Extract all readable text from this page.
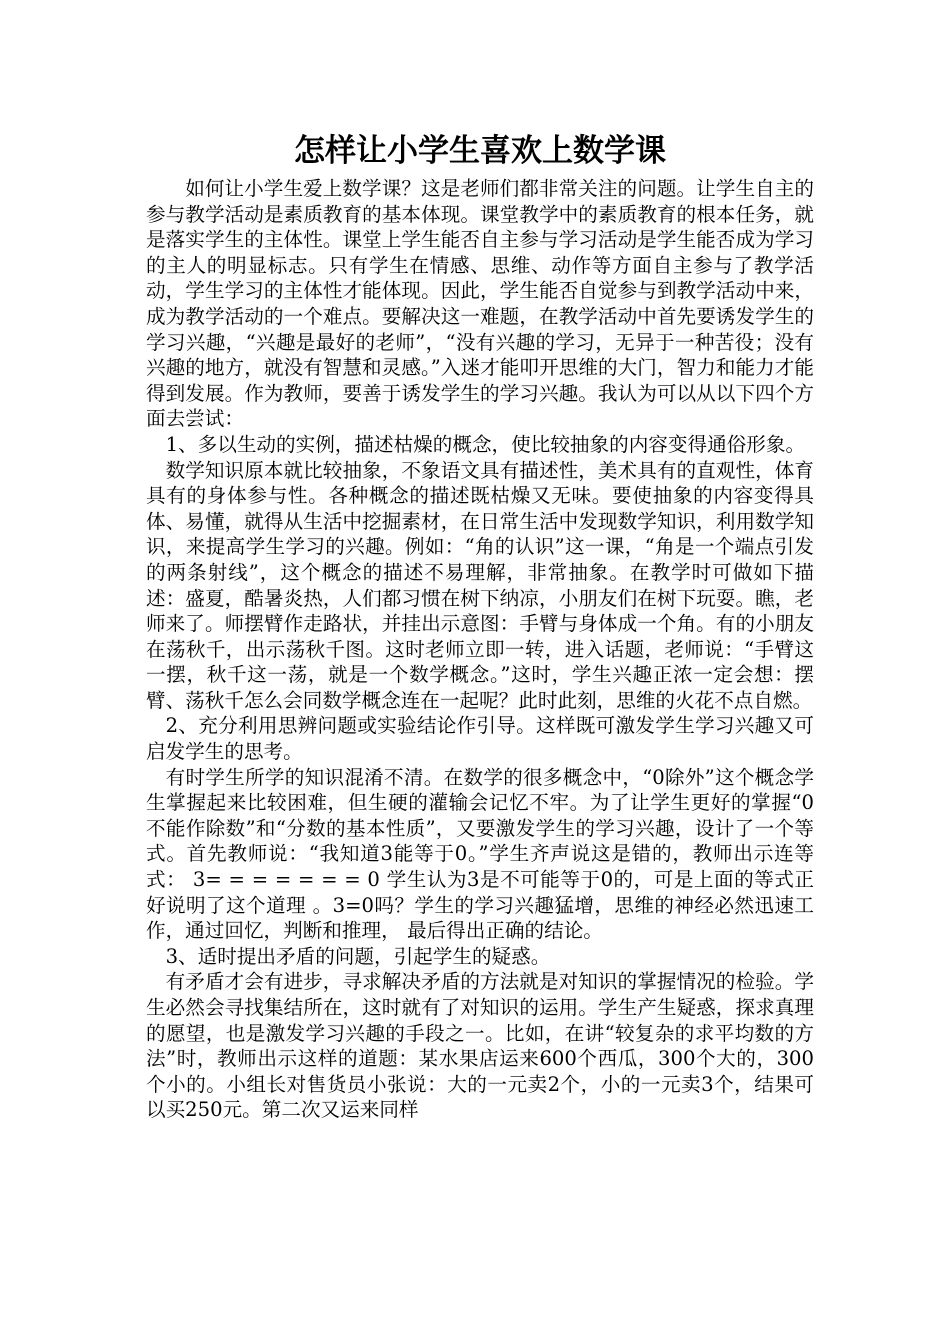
怎样让小学生喜欢上数学课

如何让小学生爱上数学课？这是老师们都非常关注的问题。让学生自主的参与教学活动是素质教育的基本体现。课堂教学中的素质教育的根本任务，就是落实学生的主体性。课堂上学生能否自主参与学习活动是学生能否成为学习的主人的明显标志。只有学生在情感、思维、动作等方面自主参与了教学活动，学生学习的主体性才能体现。因此，学生能否自觉参与到教学活动中来，成为教学活动的一个难点。要解决这一难题，在教学活动中首先要诱发学生的学习兴趣，“兴趣是最好的老师”，“没有兴趣的学习，无异于一种苦役；没有兴趣的地方，就没有智慧和灵感。”入迷才能叩开思维的大门，智力和能力才能得到发展。作为教师，要善于诱发学生的学习兴趣。我认为可以从以下四个方面去尝试：

1、多以生动的实例，描述枯燥的概念，使比较抽象的内容变得通俗形象。

数学知识原本就比较抽象，不象语文具有描述性，美术具有的直观性，体育具有的身体参与性。各种概念的描述既枯燥又无味。要使抽象的内容变得具体、易懂，就得从生活中挖掘素材，在日常生活中发现数学知识，利用数学知识，来提高学生学习的兴趣。例如：“角的认识”这一课，“角是一个端点引发的两条射线”，这个概念的描述不易理解，非常抽象。在教学时可做如下描述：盛夏，酷暑炎热，人们都习惯在树下纳凉，小朋友们在树下玩耍。瞧，老师来了。师摆臂作走路状，并挂出示意图：手臂与身体成一个角。有的小朋友在荡秋千，出示荡秋千图。这时老师立即一转，进入话题，老师说：“手臂这一摆，秋千这一荡，就是一个数学概念。”这时，学生兴趣正浓一定会想：摆臂、荡秋千怎么会同数学概念连在一起呢？此时此刻，思维的火花不点自燃。

2、充分利用思辨问题或实验结论作引导。这样既可激发学生学习兴趣又可启发学生的思考。

有时学生所学的知识混淆不清。在数学的很多概念中，“0除外”这个概念学生掌握起来比较困难，但生硬的灌输会记忆不牢。为了让学生更好的掌握“0不能作除数”和“分数的基本性质”，又要激发学生的学习兴趣，设计了一个等式。首先教师说：“我知道3能等于0。”学生齐声说这是错的，教师出示连等式： 3= = = = = = = 0 学生认为3是不可能等于0的，可是上面的等式正好说明了这个道理 。3=0吗？学生的学习兴趣猛增，思维的神经必然迅速工作，通过回忆，判断和推理， 最后得出正确的结论。

3、适时提出矛盾的问题，引起学生的疑惑。

有矛盾才会有进步，寻求解决矛盾的方法就是对知识的掌握情况的检验。学生必然会寻找集结所在，这时就有了对知识的运用。学生产生疑惑，探求真理的愿望，也是激发学习兴趣的手段之一。比如，在讲“较复杂的求平均数的方法”时，教师出示这样的道题：某水果店运来600个西瓜，300个大的，300个小的。小组长对售货员小张说：大的一元卖2个，小的一元卖3个，结果可以买250元。第二次又运来同样
